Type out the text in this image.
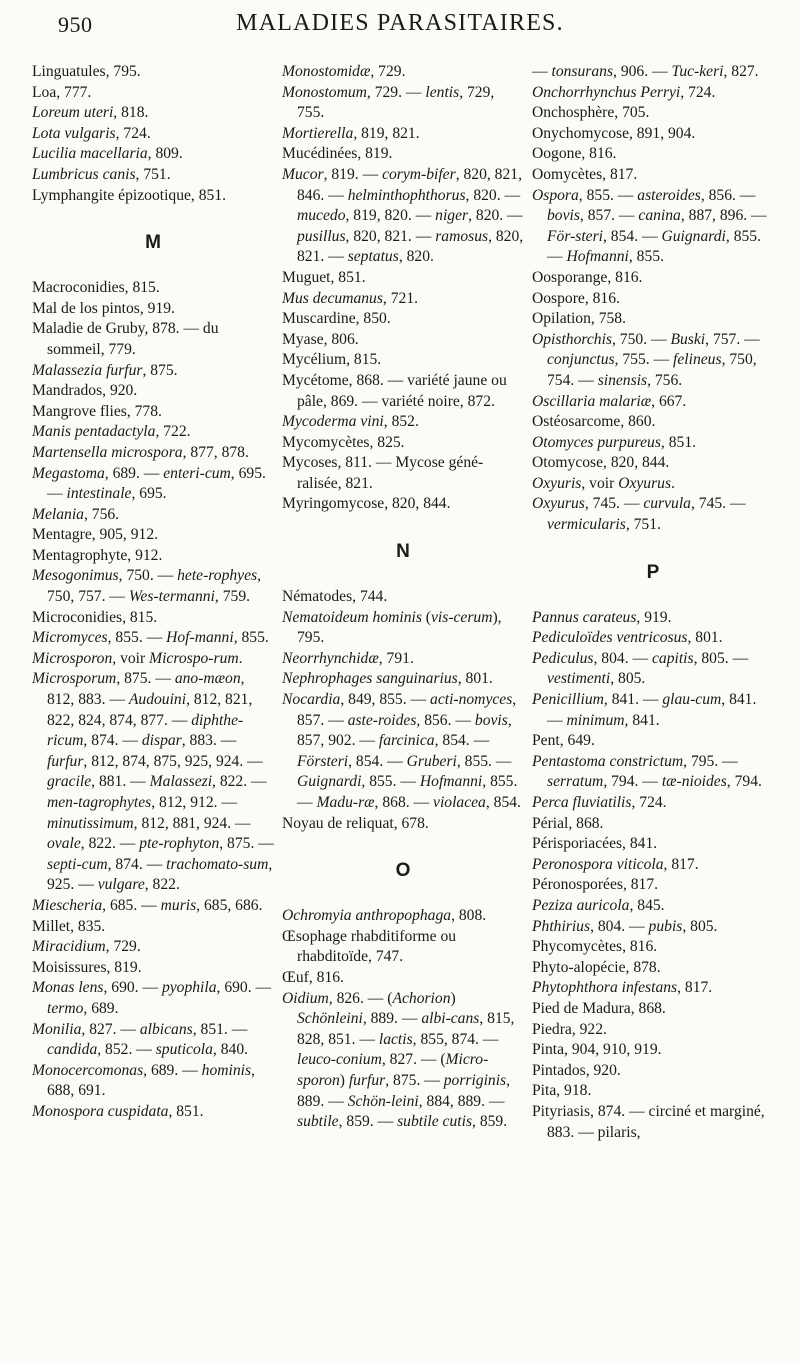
950	MALADIES PARASITAIRES.
Linguatules, 795.
Loa, 777.
Loreum uteri, 818.
Lota vulgaris, 724.
Lucilia macellaria, 809.
Lumbricus canis, 751.
Lymphangite épizootique, 851.
M
Macroconidies, 815.
Mal de los pintos, 919.
Maladie de Gruby, 878. — du sommeil, 779.
Malassezia furfur, 875.
Mandrados, 920.
Mangrove flies, 778.
Manis pentadactyla, 722.
Martensella microspora, 877, 878.
Megastoma, 689. — enteri-cum, 695. — intestinale, 695.
Melania, 756.
Mentagre, 905, 912.
Mentagrophyte, 912.
Mesogonimus, 750. — hete-rophyes, 750, 757. — Wes-termanni, 759.
Microconidies, 815.
Micromyces, 855. — Hof-manni, 855.
Microsporon, voir Microspo-rum.
Microsporum, 875. — ano-mæon, 812, 883. — Audouini, 812, 821, 822, 824, 874, 877. — diphthe-ricum, 874. — dispar, 883. — furfur, 812, 874, 875, 925, 924. — gracile, 881. — Malassezi, 822. — men-tagrophytes, 812, 912. — minutissimum, 812, 881, 924. — ovale, 822. — pte-rophyton, 875. — septi-cum, 874. — trachomato-sum, 925. — vulgare, 822.
Miescheria, 685. — muris, 685, 686.
Millet, 835.
Miracidium, 729.
Moisissures, 819.
Monas lens, 690. — pyophila, 690. — termo, 689.
Monilia, 827. — albicans, 851. — candida, 852. — sputicola, 840.
Monocercomonas, 689. — hominis, 688, 691.
Monospora cuspidata, 851.
Monostomidæ, 729.
Monostomum, 729. — lentis, 729, 755.
Mortierella, 819, 821.
Mucédinées, 819.
Mucor, 819. — corym-bifer, 820, 821, 846. — helminthophthorus, 820. — mucedo, 819, 820. — niger, 820. — pusillus, 820, 821. — ramosus, 820, 821. — septatus, 820.
Muguet, 851.
Mus decumanus, 721.
Muscardine, 850.
Myase, 806.
Mycélium, 815.
Mycétome, 868. — variété jaune ou pâle, 869. — variété noire, 872.
Mycoderma vini, 852.
Mycomycètes, 825.
Mycoses, 811. — Mycose géné-ralisée, 821.
Myringomycose, 820, 844.
N
Nématodes, 744.
Nematoideum hominis (vis-cerum), 795.
Neorrhynchidæ, 791.
Nephrophages sanguinarius, 801.
Nocardia, 849, 855. — acti-nomyces, 857. — aste-roides, 856. — bovis, 857, 902. — farcinica, 854. — Försteri, 854. — Gruberi, 855. — Guignardi, 855. — Hofmanni, 855. — Madu-ræ, 868. — violacea, 854.
Noyau de reliquat, 678.
O
Ochromyia anthropophaga, 808.
Œsophage rhabditiforme ou rhabditoïde, 747.
Œuf, 816.
Oidium, 826. — (Achorion) Schönleini, 889. — albi-cans, 815, 828, 851. — lactis, 855, 874. — leuco-conium, 827. — (Micro-sporon) furfur, 875. — porriginis, 889. — Schön-leini, 884, 889. — subtile, 859. — subtile cutis, 859.
— tonsurans, 906. — Tuc-keri, 827.
Onchorrhynchus Perryi, 724.
Onchosphère, 705.
Onychomycose, 891, 904.
Oogone, 816.
Oomycètes, 817.
Ospora, 855. — asteroides, 856. — bovis, 857. — canina, 887, 896. — För-steri, 854. — Guignardi, 855. — Hofmanni, 855.
Oosporange, 816.
Oospore, 816.
Opilation, 758.
Opisthorchis, 750. — Buski, 757. — conjunctus, 755. — felineus, 750, 754. — sinensis, 756.
Oscillaria malariæ, 667.
Ostéosarcome, 860.
Otomyces purpureus, 851.
Otomycose, 820, 844.
Oxyuris, voir Oxyurus.
Oxyurus, 745. — curvula, 745. — vermicularis, 751.
P
Pannus carateus, 919.
Pediculoïdes ventricosus, 801.
Pediculus, 804. — capitis, 805. — vestimenti, 805.
Penicillium, 841. — glau-cum, 841. — minimum, 841.
Pent, 649.
Pentastoma constrictum, 795. — serratum, 794. — tæ-nioides, 794.
Perca fluviatilis, 724.
Périal, 868.
Périsporiacées, 841.
Peronospora viticola, 817.
Péronosporées, 817.
Peziza auricola, 845.
Phthirius, 804. — pubis, 805.
Phycomycètes, 816.
Phyto-alopécie, 878.
Phytophthora infestans, 817.
Pied de Madura, 868.
Piedra, 922.
Pinta, 904, 910, 919.
Pintados, 920.
Pita, 918.
Pityriasis, 874. — circiné et marginé, 883. — pilaris,
